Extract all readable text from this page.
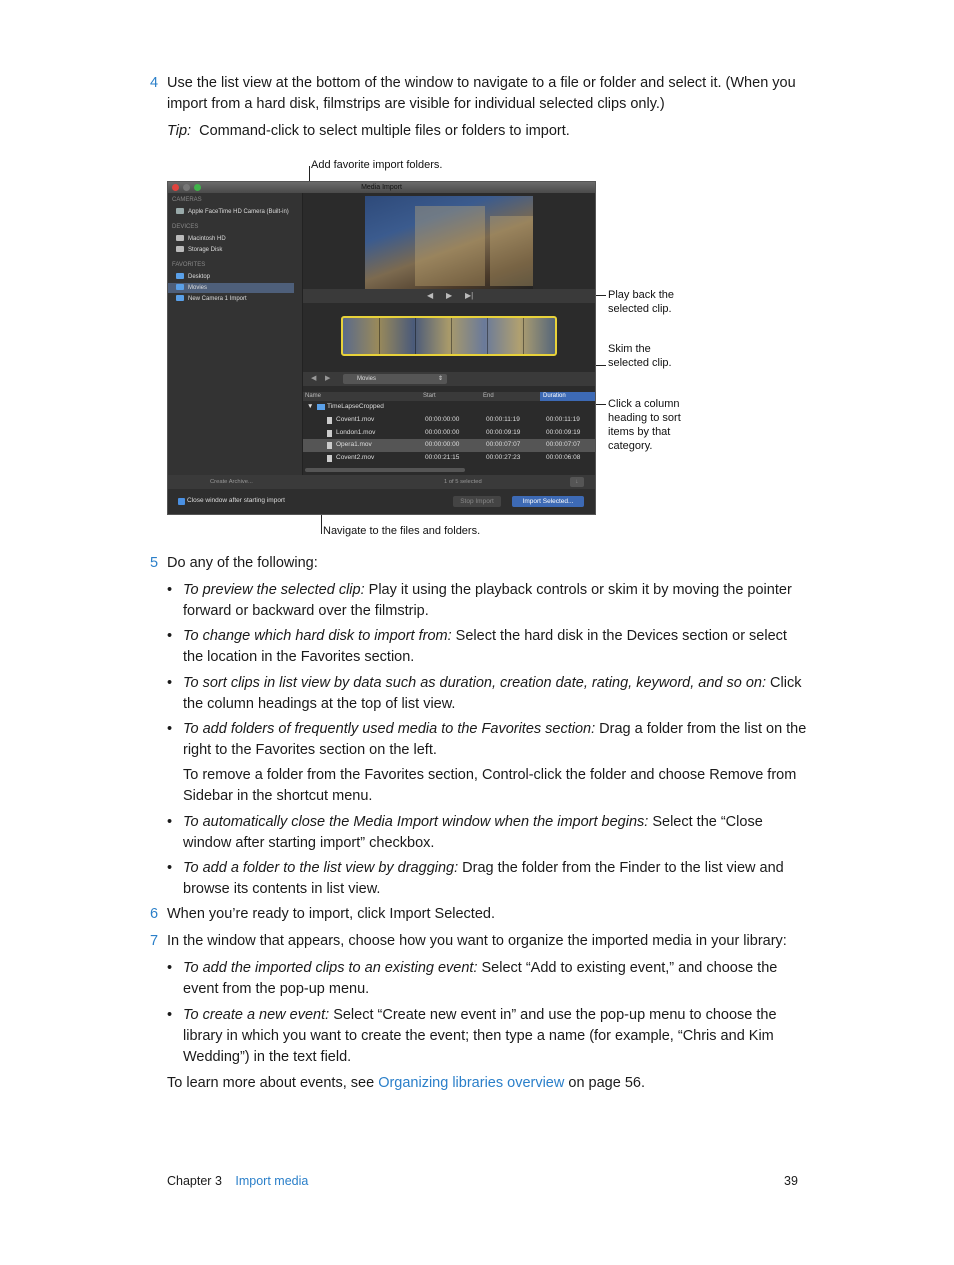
4 Use the list view at the bottom of the window to navigate to a file or folder and select it. (When you import from a hard disk, filmstrips are visible for individual selected clips only.)
Tip: Command-click to select multiple files or folders to import.
Add favorite import folders.
Play back the selected clip.
Skim the selected clip.
Click a column heading to sort items by that category.
Navigate to the files and folders.
Media Import
CAMERAS
Apple FaceTime HD Camera (Built-in)
DEVICES
Macintosh HD
Storage Disk
FAVORITES
Desktop
Movies
New Camera 1 Import	◀ ▶ ▶|
◀ ▶	Movies	⇕
Name	Start	End	Duration
▼ TimeLapseCropped
Covent1.mov	00:00:00:00	00:00:11:19	00:00:11:19
London1.mov	00:00:00:00	00:00:09:19	00:00:09:19
Opera1.mov	00:00:00:00	00:00:07:07	00:00:07:07
Covent2.mov	00:00:21:15	00:00:27:23	00:00:06:08
Create Archive...	1 of 5 selected	↓
Close window after starting import	Stop Import	Import Selected...
5 Do any of the following:
• To preview the selected clip: Play it using the playback controls or skim it by moving the pointer forward or backward over the filmstrip.
• To change which hard disk to import from: Select the hard disk in the Devices section or select the location in the Favorites section.
• To sort clips in list view by data such as duration, creation date, rating, keyword, and so on: Click the column headings at the top of list view.
• To add folders of frequently used media to the Favorites section: Drag a folder from the list on the right to the Favorites section on the left.
To remove a folder from the Favorites section, Control-click the folder and choose Remove from Sidebar in the shortcut menu.
• To automatically close the Media Import window when the import begins: Select the “Close window after starting import” checkbox.
• To add a folder to the list view by dragging: Drag the folder from the Finder to the list view and browse its contents in list view.
6 When you’re ready to import, click Import Selected.
7 In the window that appears, choose how you want to organize the imported media in your library:
• To add the imported clips to an existing event: Select “Add to existing event,” and choose the event from the pop-up menu.
• To create a new event: Select “Create new event in” and use the pop-up menu to choose the library in which you want to create the event; then type a name (for example, “Chris and Kim Wedding”) in the text field.
To learn more about events, see Organizing libraries overview on page 56.
Chapter 3 Import media	39
